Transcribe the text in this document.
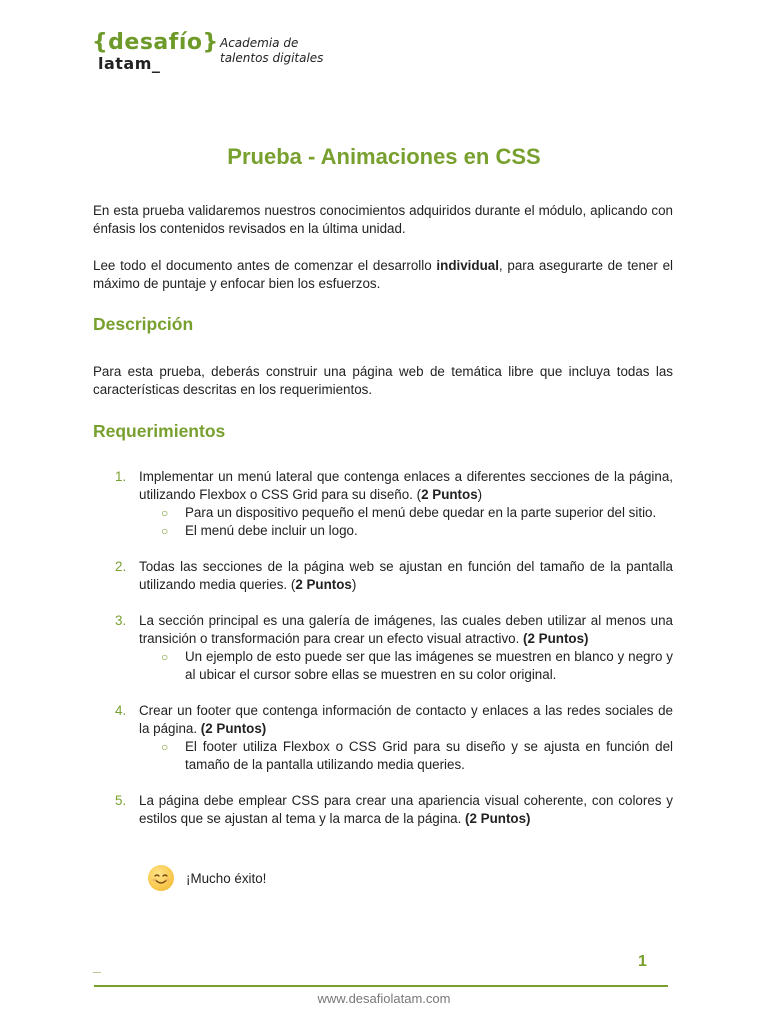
{desafío}
latam_
Academia de
talentos digitales
Prueba - Animaciones en CSS

En esta prueba validaremos nuestros conocimientos adquiridos durante el módulo, aplicando con énfasis los contenidos revisados en la última unidad.

Lee todo el documento antes de comenzar el desarrollo individual, para asegurarte de tener el máximo de puntaje y enfocar bien los esfuerzos.

Descripción

Para esta prueba, deberás construir una página web de temática libre que incluya todas las características descritas en los requerimientos.

Requerimientos
1. Implementar un menú lateral que contenga enlaces a diferentes secciones de la página, utilizando Flexbox o CSS Grid para su diseño. (2 Puntos)
○ Para un dispositivo pequeño el menú debe quedar en la parte superior del sitio.
○ El menú debe incluir un logo.
2. Todas las secciones de la página web se ajustan en función del tamaño de la pantalla utilizando media queries. (2 Puntos)
3. La sección principal es una galería de imágenes, las cuales deben utilizar al menos una transición o transformación para crear un efecto visual atractivo. (2 Puntos)
○ Un ejemplo de esto puede ser que las imágenes se muestren en blanco y negro y al ubicar el cursor sobre ellas se muestren en su color original.
4. Crear un footer que contenga información de contacto y enlaces a las redes sociales de la página. (2 Puntos)
○ El footer utiliza Flexbox o CSS Grid para su diseño y se ajusta en función del tamaño de la pantalla utilizando media queries.
5. La página debe emplear CSS para crear una apariencia visual coherente, con colores y estilos que se ajustan al tema y la marca de la página. (2 Puntos)
¡Mucho éxito!
_	1
www.desafiolatam.com
